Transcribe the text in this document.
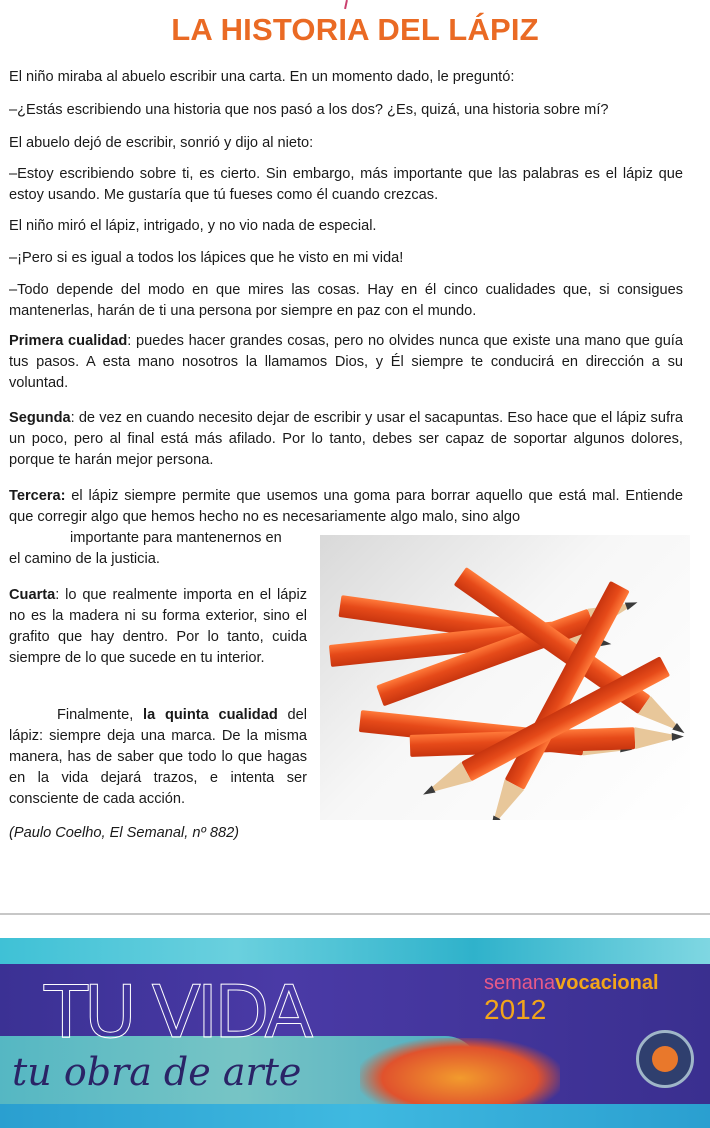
LA HISTORIA DEL LÁPIZ

El niño miraba al abuelo escribir una carta. En un momento dado, le preguntó:

–¿Estás escribiendo una historia que nos pasó a los dos? ¿Es, quizá, una historia sobre mí?

El abuelo dejó de escribir, sonrió y dijo al nieto:

–Estoy escribiendo sobre ti, es cierto. Sin embargo, más importante que las palabras es el lápiz que estoy usando. Me gustaría que tú fueses como él cuando crezcas.

El niño miró el lápiz, intrigado, y no vio nada de especial.

–¡Pero si es igual a todos los lápices que he visto en mi vida!

–Todo depende del modo en que mires las cosas. Hay en él cinco cualidades que, si consigues mantenerlas, harán de ti una persona por siempre en paz con el mundo.

Primera cualidad: puedes hacer grandes cosas, pero no olvides nunca que existe una mano que guía tus pasos. A esta mano nosotros la llamamos Dios, y Él siempre te conducirá en dirección a su voluntad.

Segunda: de vez en cuando necesito dejar de escribir y usar el sacapuntas. Eso hace que el lápiz sufra un poco, pero al final está más afilado. Por lo tanto, debes ser capaz de soportar algunos dolores, porque te harán mejor persona.

Tercera: el lápiz siempre permite que usemos una goma para borrar aquello que está mal. Entiende que corregir algo que hemos hecho no es necesariamente algo malo, sino algo

importante para mantenernos en

el camino de la justicia.

Cuarta: lo que realmente importa en el lápiz no es la madera ni su forma exterior, sino el grafito que hay dentro. Por lo tanto, cuida siempre de lo que sucede en tu interior.

Finalmente, la quinta cualidad del lápiz: siempre deja una marca. De la misma manera, has de saber que todo lo que hagas en la vida dejará trazos, e intenta ser consciente de cada acción.

(Paulo Coelho, El Semanal, nº 882)

TU VIDA
tu obra de arte
semanavocacional
2012
